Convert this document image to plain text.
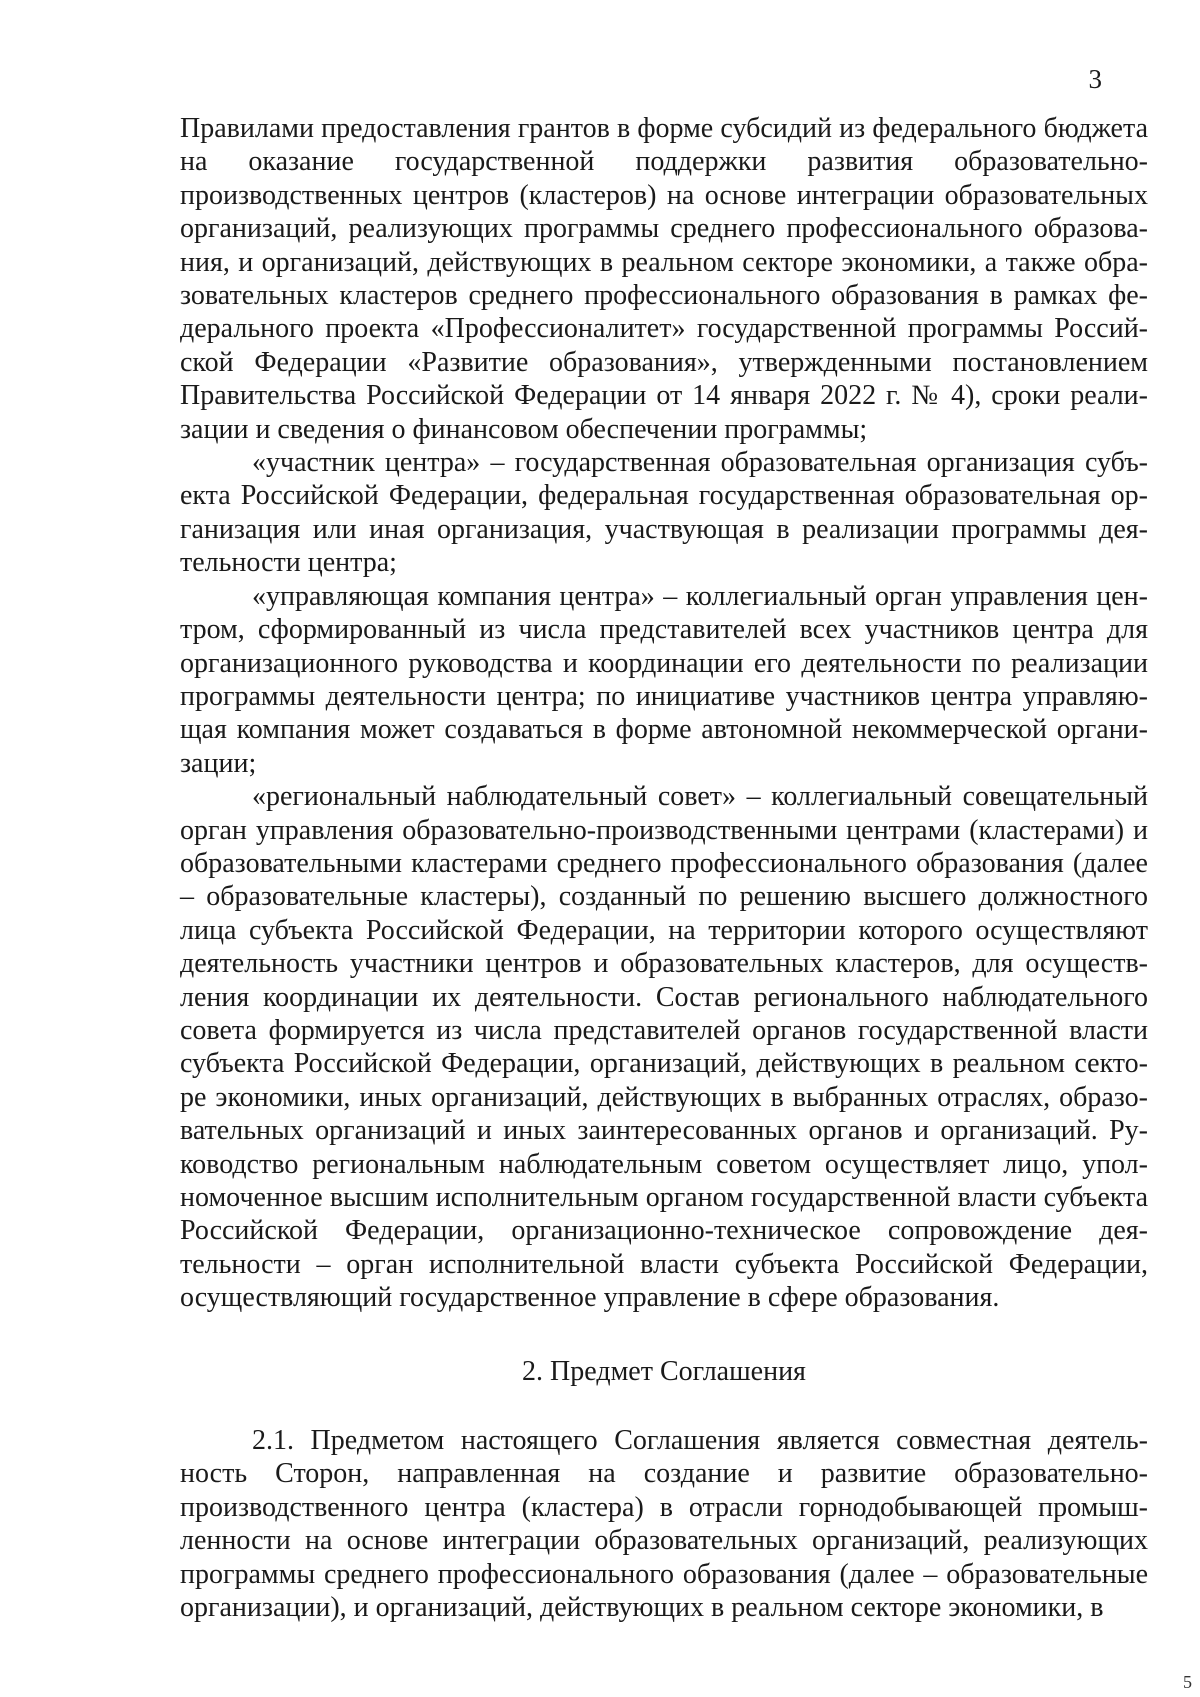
3

Правилами предоставления грантов в форме субсидий из федерального бюджета на оказание государственной поддержки развития образовательно-производственных центров (кластеров) на основе интеграции образовательных организаций, реализующих программы среднего профессионального образования, и организаций, действующих в реальном секторе экономики, а также образовательных кластеров среднего профессионального образования в рамках федерального проекта «Профессионалитет» государственной программы Российской Федерации «Развитие образования», утвержденными постановлением Правительства Российской Федерации от 14 января 2022 г. № 4), сроки реализации и сведения о финансовом обеспечении программы;

«участник центра» – государственная образовательная организация субъекта Российской Федерации, федеральная государственная образовательная организация или иная организация, участвующая в реализации программы деятельности центра;

«управляющая компания центра» – коллегиальный орган управления центром, сформированный из числа представителей всех участников центра для организационного руководства и координации его деятельности по реализации программы деятельности центра; по инициативе участников центра управляющая компания может создаваться в форме автономной некоммерческой организации;

«региональный наблюдательный совет» – коллегиальный совещательный орган управления образовательно-производственными центрами (кластерами) и образовательными кластерами среднего профессионального образования (далее – образовательные кластеры), созданный по решению высшего должностного лица субъекта Российской Федерации, на территории которого осуществляют деятельность участники центров и образовательных кластеров, для осуществления координации их деятельности. Состав регионального наблюдательного совета формируется из числа представителей органов государственной власти субъекта Российской Федерации, организаций, действующих в реальном секторе экономики, иных организаций, действующих в выбранных отраслях, образовательных организаций и иных заинтересованных органов и организаций. Руководство региональным наблюдательным советом осуществляет лицо, уполномоченное высшим исполнительным органом государственной власти субъекта Российской Федерации, организационно-техническое сопровождение деятельности – орган исполнительной власти субъекта Российской Федерации, осуществляющий государственное управление в сфере образования.

2. Предмет Соглашения

2.1. Предметом настоящего Соглашения является совместная деятельность Сторон, направленная на создание и развитие образовательно-производственного центра (кластера) в отрасли горнодобывающей промышленности на основе интеграции образовательных организаций, реализующих программы среднего профессионального образования (далее – образовательные организации), и организаций, действующих в реальном секторе экономики, в

5
